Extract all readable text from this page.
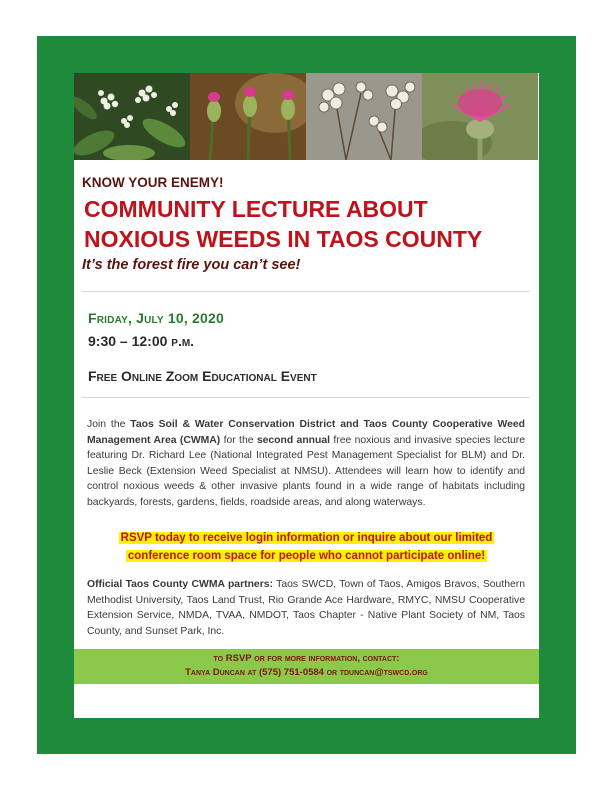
KNOW YOUR ENEMY!
COMMUNITY LECTURE ABOUT
NOXIOUS WEEDS IN TAOS COUNTY
It’s the forest fire you can’t see!
Friday, July 10, 2020
9:30 – 12:00 p.m.
Free Online Zoom Educational Event

Join the Taos Soil & Water Conservation District and Taos County Cooperative Weed Management Area (CWMA) for the second annual free noxious and invasive species lecture featuring Dr. Richard Lee (National Integrated Pest Management Specialist for BLM) and Dr. Leslie Beck (Extension Weed Specialist at NMSU). Attendees will learn how to identify and control noxious weeds & other invasive plants found in a wide range of habitats including backyards, forests, gardens, fields, roadside areas, and along waterways.

RSVP today to receive login information or inquire about our limited
conference room space for people who cannot participate online!

Official Taos County CWMA partners: Taos SWCD, Town of Taos, Amigos Bravos, Southern Methodist University, Taos Land Trust, Rio Grande Ace Hardware, RMYC, NMSU Cooperative Extension Service, NMDA, TVAA, NMDOT, Taos Chapter - Native Plant Society of NM, Taos County, and Sunset Park, Inc.

to RSVP or for more information, contact:
Tanya Duncan at (575) 751-0584 or tduncan@tswcd.org
